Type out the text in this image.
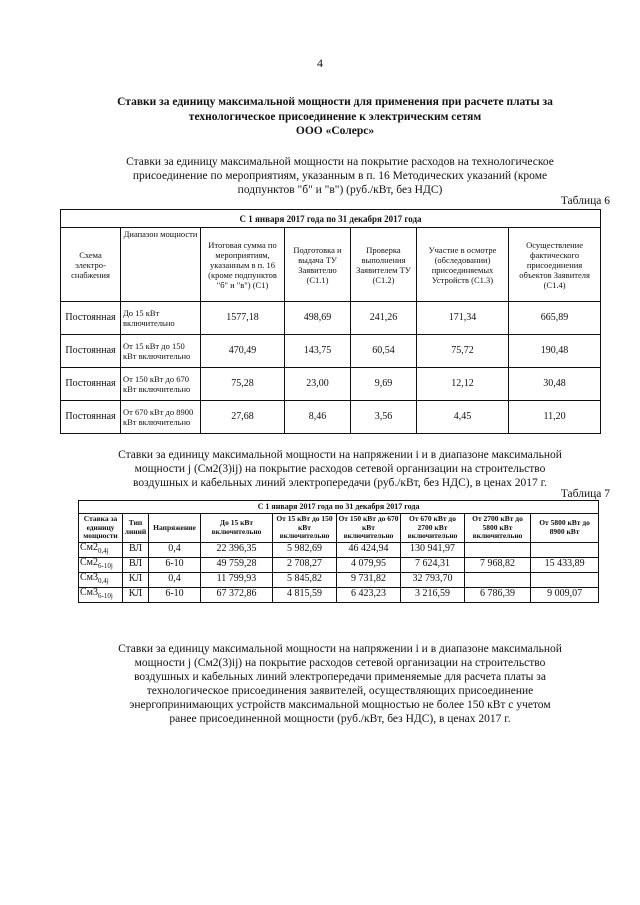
4
Ставки за единицу максимальной мощности для применения при расчете платы за
технологическое присоединение к электрическим сетям
ООО «Солерс»
Ставки за единицу максимальной мощности на покрытие расходов на технологическое
присоединение по мероприятиям, указанным в п. 16 Методических указаний (кроме
подпунктов "б" и "в") (руб./кВт, без НДС)
Таблица 6
С 1 января 2017 года по 31 декабря 2017 года						
Схема электро-снабжения	Диапазон мощности	Итоговая сумма по мероприятиям, указанным в п. 16 (кроме подпунктов "б" и "в") (С1)	Подготовка и выдача ТУ Заявителю (С1.1)	Проверка выполнения Заявителем ТУ (С1.2)	Участие в осмотре (обследовании) присоединяемых Устройств (С1.3)	Осуществление фактического присоединения объектов Заявителя (С1.4)
Постоянная	До 15 кВт включительно	1577,18	498,69	241,26	171,34	665,89
Постоянная	От 15 кВт до 150 кВт включительно	470,49	143,75	60,54	75,72	190,48
Постоянная	От 150 кВт до 670 кВт включительно	75,28	23,00	9,69	12,12	30,48
Постоянная	От 670 кВт до 8900 кВт включительно	27,68	8,46	3,56	4,45	11,20
Ставки за единицу максимальной мощности на напряжении i и в диапазоне максимальной
мощности j (Cм2(3)ij) на покрытие расходов сетевой организации на строительство
воздушных и кабельных линий электропередачи (руб./кВт, без НДС), в ценах 2017 г.
Таблица 7
С 1 января 2017 года по 31 декабря 2017 года								
Ставка за единицу мощности	Тип линий	Напряжение	До 15 кВт включительно	От 15 кВт до 150 кВт включительно	От 150 кВт до 670 кВт включительно	От 670 кВт до 2700 кВт включительно	От 2700 кВт до 5800 кВт включительно	От 5800 кВт до 8900 кВт
$Cм2_{0,4j}$	ВЛ	0,4	22 396,35	5 982,69	46 424,94	130 941,97		
$Cм2_{6-10j}$	ВЛ	6-10	49 759,28	2 708,27	4 079,95	7 624,31	7 968,82	15 433,89
$Cм3_{0,4j}$	КЛ	0,4	11 799,93	5 845,82	9 731,82	32 793,70		
$Cм3_{6-10j}$	КЛ	6-10	67 372,86	4 815,59	6 423,23	3 216,59	6 786,39	9 009,07
Ставки за единицу максимальной мощности на напряжении i и в диапазоне максимальной
мощности j (Cм2(3)ij) на покрытие расходов сетевой организации на строительство
воздушных и кабельных линий электропередачи применяемые для расчета платы за
технологическое присоединения заявителей, осуществляющих присоединение
энергопринимающих устройств максимальной мощностью не более 150 кВт с учетом
ранее присоединенной мощности (руб./кВт, без НДС), в ценах 2017 г.
